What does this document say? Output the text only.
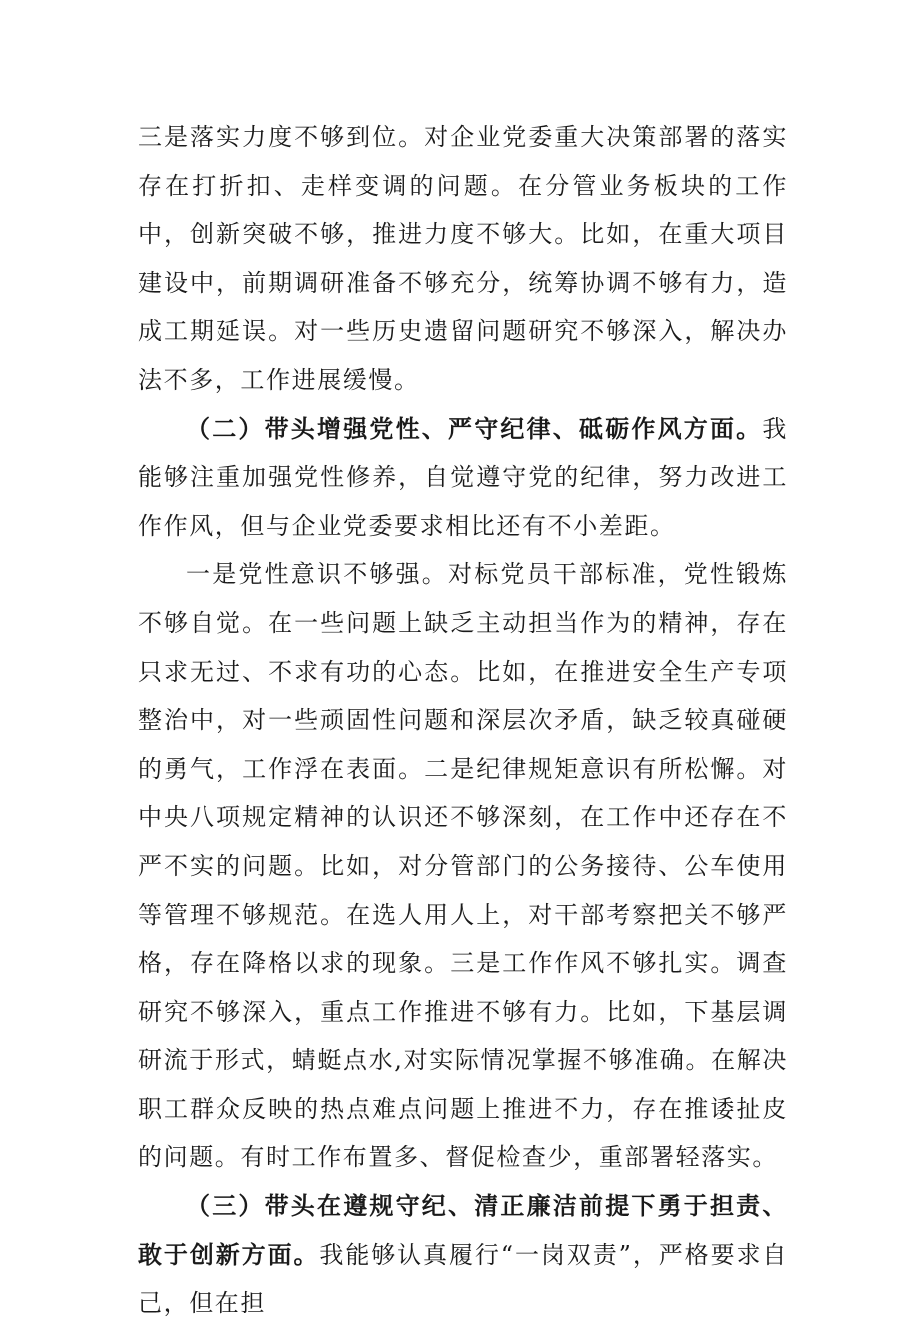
三是落实力度不够到位。对企业党委重大决策部署的落实存在打折扣、走样变调的问题。在分管业务板块的工作中，创新突破不够，推进力度不够大。比如，在重大项目建设中，前期调研准备不够充分，统筹协调不够有力，造成工期延误。对一些历史遗留问题研究不够深入，解决办法不多，工作进展缓慢。

（二）带头增强党性、严守纪律、砥砺作风方面。我能够注重加强党性修养，自觉遵守党的纪律，努力改进工作作风，但与企业党委要求相比还有不小差距。

一是党性意识不够强。对标党员干部标准，党性锻炼不够自觉。在一些问题上缺乏主动担当作为的精神，存在只求无过、不求有功的心态。比如，在推进安全生产专项整治中，对一些顽固性问题和深层次矛盾，缺乏较真碰硬的勇气，工作浮在表面。二是纪律规矩意识有所松懈。对中央八项规定精神的认识还不够深刻，在工作中还存在不严不实的问题。比如，对分管部门的公务接待、公车使用等管理不够规范。在选人用人上，对干部考察把关不够严格，存在降格以求的现象。三是工作作风不够扎实。调查研究不够深入，重点工作推进不够有力。比如，下基层调研流于形式，蜻蜓点水,对实际情况掌握不够准确。在解决职工群众反映的热点难点问题上推进不力，存在推诿扯皮的问题。有时工作布置多、督促检查少，重部署轻落实。

（三）带头在遵规守纪、清正廉洁前提下勇于担责、敢于创新方面。我能够认真履行“一岗双责”，严格要求自己，但在担
